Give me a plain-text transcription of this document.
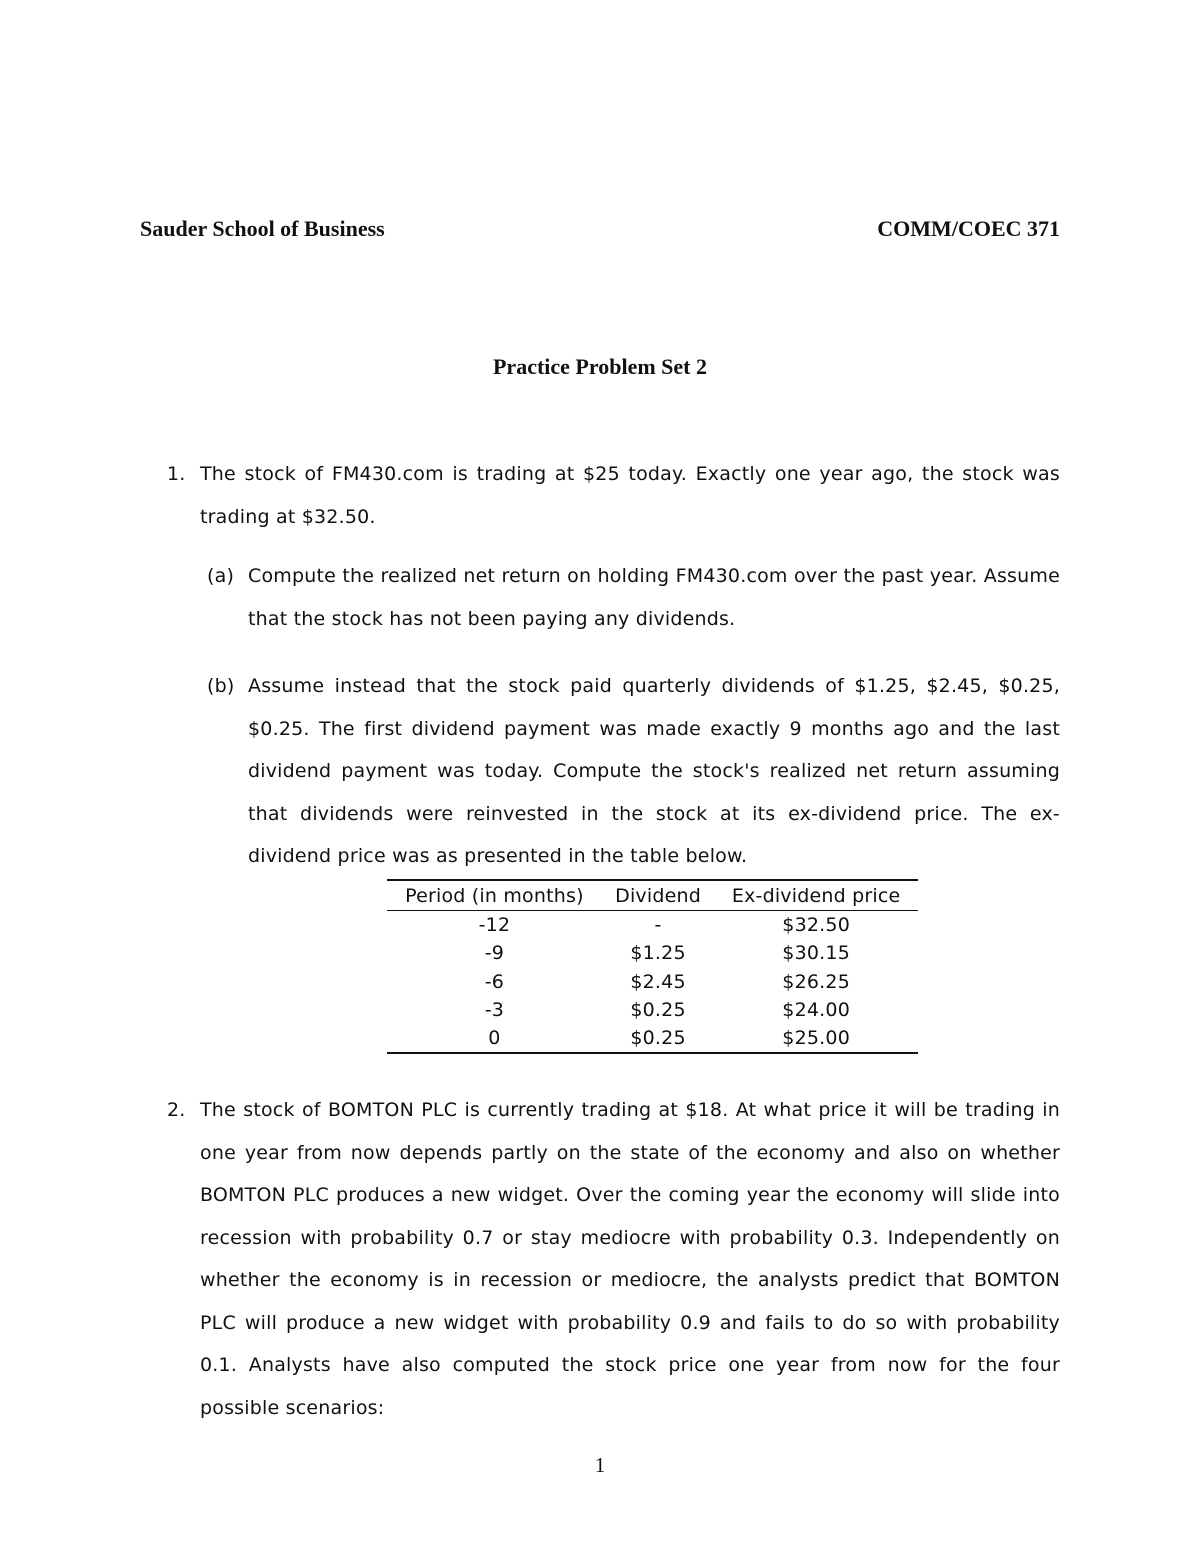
Sauder School of Business	COMM/COEC 371
Practice Problem Set 2
1. The stock of FM430.com is trading at $25 today. Exactly one year ago, the stock was trading at $32.50.
(a) Compute the realized net return on holding FM430.com over the past year. Assume that the stock has not been paying any dividends.
(b) Assume instead that the stock paid quarterly dividends of $1.25, $2.45, $0.25, $0.25. The first dividend payment was made exactly 9 months ago and the last dividend payment was today. Compute the stock's realized net return assuming that dividends were reinvested in the stock at its ex-dividend price. The ex-dividend price was as presented in the table below.
Period (in months)	Dividend	Ex-dividend price
-12	-	$32.50
-9	$1.25	$30.15
-6	$2.45	$26.25
-3	$0.25	$24.00
0	$0.25	$25.00
2. The stock of BOMTON PLC is currently trading at $18. At what price it will be trading in one year from now depends partly on the state of the economy and also on whether BOMTON PLC produces a new widget. Over the coming year the economy will slide into recession with probability 0.7 or stay mediocre with probability 0.3. Independently on whether the economy is in recession or mediocre, the analysts predict that BOMTON PLC will produce a new widget with probability 0.9 and fails to do so with probability 0.1. Analysts have also computed the stock price one year from now for the four possible scenarios:
1
